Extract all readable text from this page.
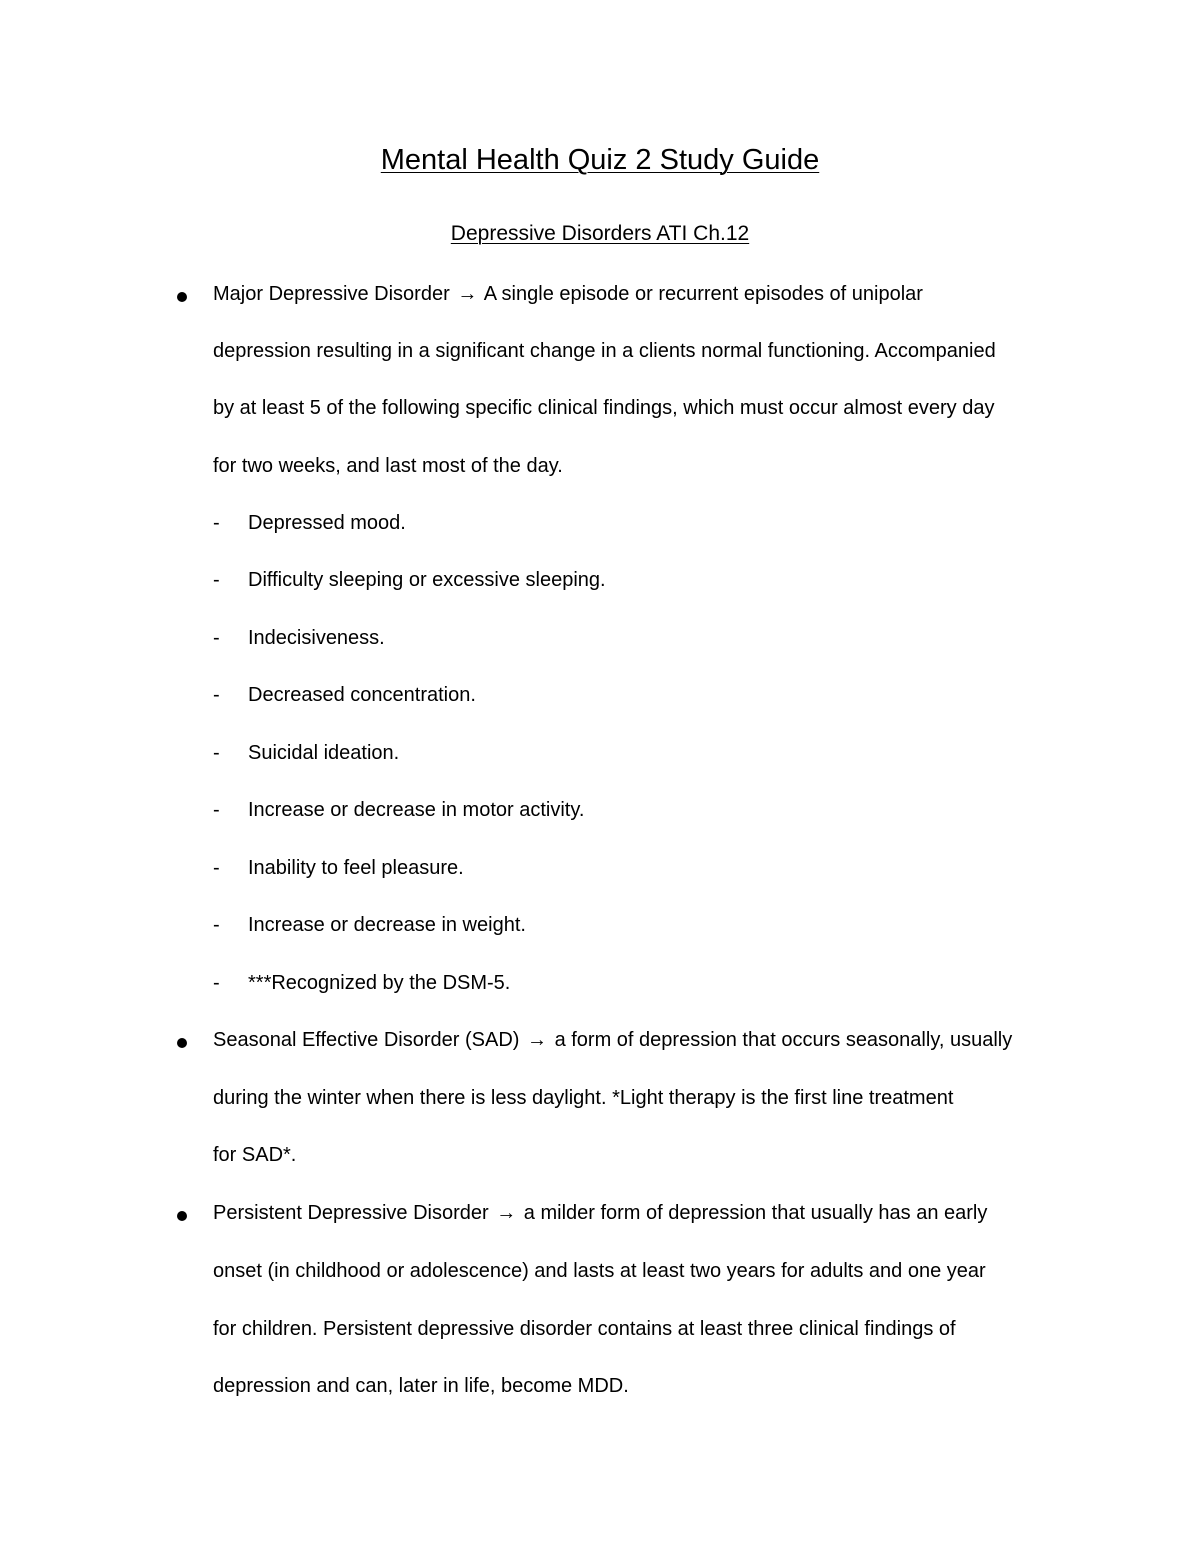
Mental Health Quiz 2 Study Guide
Depressive Disorders ATI Ch.12
Major Depressive Disorder → A single episode or recurrent episodes of unipolar
depression resulting in a significant change in a clients normal functioning. Accompanied
by at least 5 of the following specific clinical findings, which must occur almost every day
for two weeks, and last most of the day.
- Depressed mood.
- Difficulty sleeping or excessive sleeping.
- Indecisiveness.
- Decreased concentration.
- Suicidal ideation.
- Increase or decrease in motor activity.
- Inability to feel pleasure.
- Increase or decrease in weight.
- ***Recognized by the DSM-5.
Seasonal Effective Disorder (SAD) → a form of depression that occurs seasonally, usually
during the winter when there is less daylight. *Light therapy is the first line treatment
for SAD*.
Persistent Depressive Disorder → a milder form of depression that usually has an early
onset (in childhood or adolescence) and lasts at least two years for adults and one year
for children. Persistent depressive disorder contains at least three clinical findings of
depression and can, later in life, become MDD.
